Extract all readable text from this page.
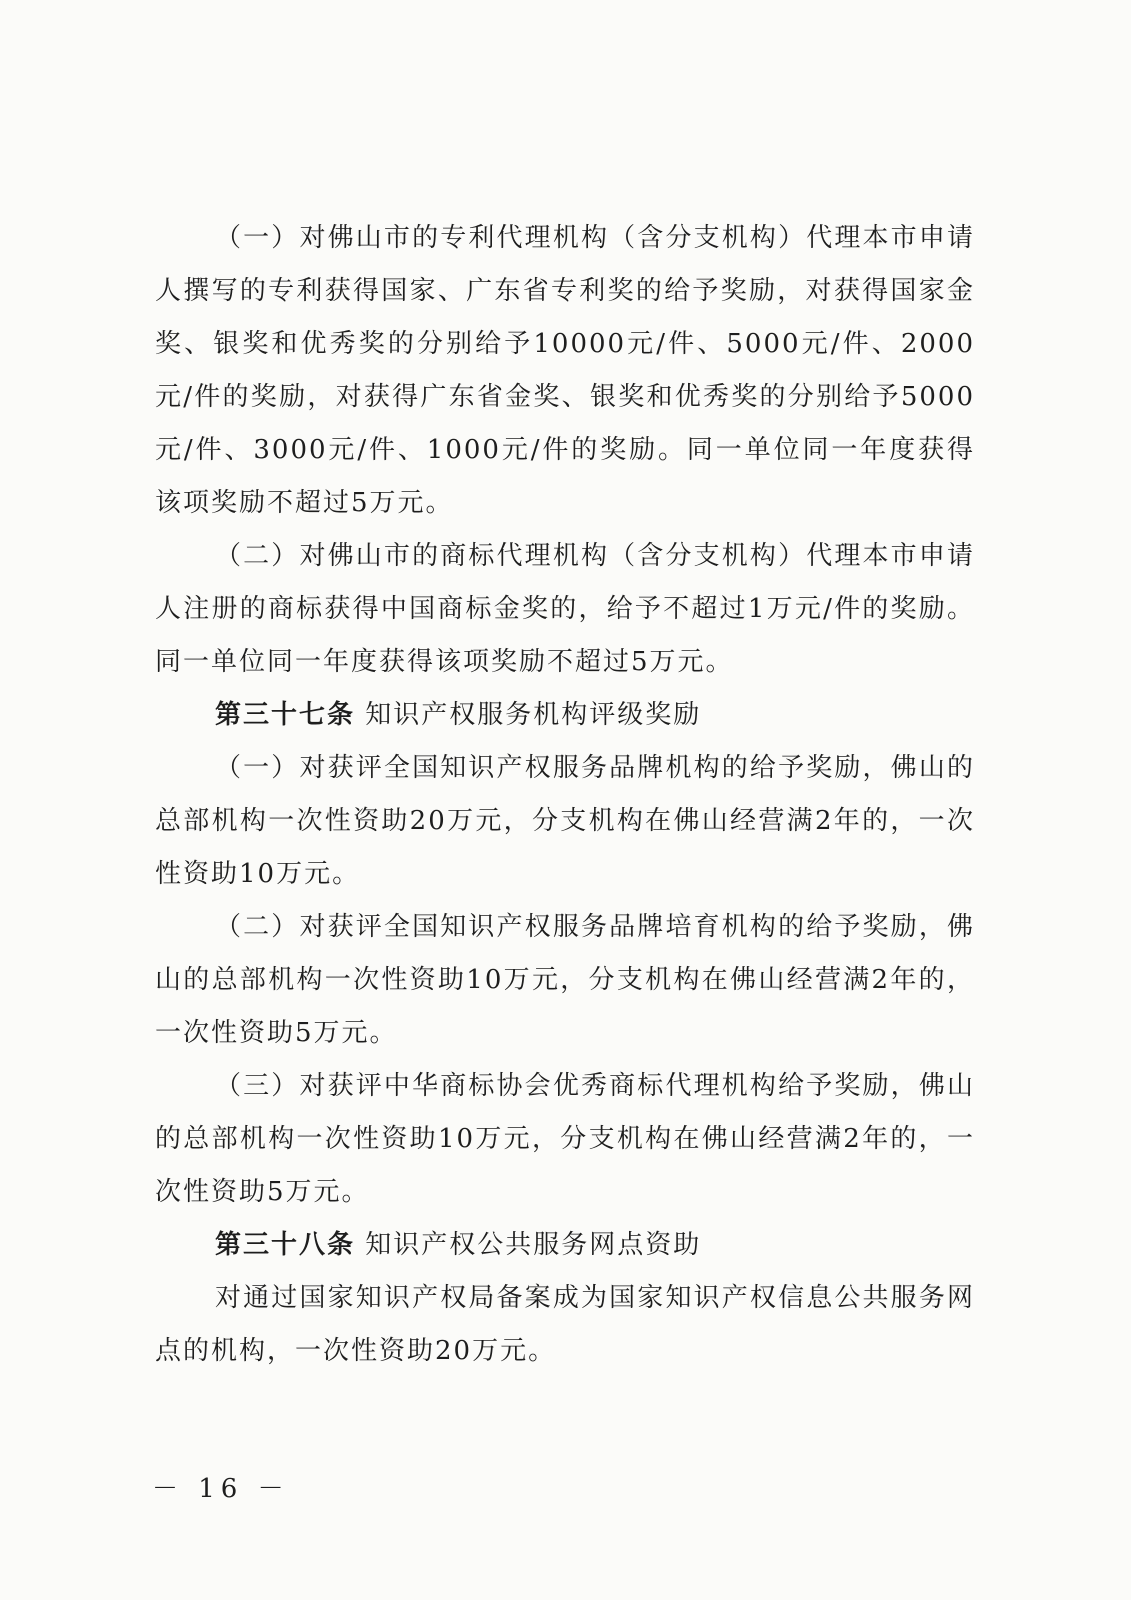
（一）对佛山市的专利代理机构（含分支机构）代理本市申请人撰写的专利获得国家、广东省专利奖的给予奖励，对获得国家金奖、银奖和优秀奖的分别给予10000元/件、5000元/件、2000元/件的奖励，对获得广东省金奖、银奖和优秀奖的分别给予5000元/件、3000元/件、1000元/件的奖励。同一单位同一年度获得该项奖励不超过5万元。

（二）对佛山市的商标代理机构（含分支机构）代理本市申请人注册的商标获得中国商标金奖的，给予不超过1万元/件的奖励。同一单位同一年度获得该项奖励不超过5万元。

第三十七条 知识产权服务机构评级奖励

（一）对获评全国知识产权服务品牌机构的给予奖励，佛山的总部机构一次性资助20万元，分支机构在佛山经营满2年的，一次性资助10万元。

（二）对获评全国知识产权服务品牌培育机构的给予奖励，佛山的总部机构一次性资助10万元，分支机构在佛山经营满2年的，一次性资助5万元。

（三）对获评中华商标协会优秀商标代理机构给予奖励，佛山的总部机构一次性资助10万元，分支机构在佛山经营满2年的，一次性资助5万元。

第三十八条 知识产权公共服务网点资助

对通过国家知识产权局备案成为国家知识产权信息公共服务网点的机构，一次性资助20万元。

－ 16 －
